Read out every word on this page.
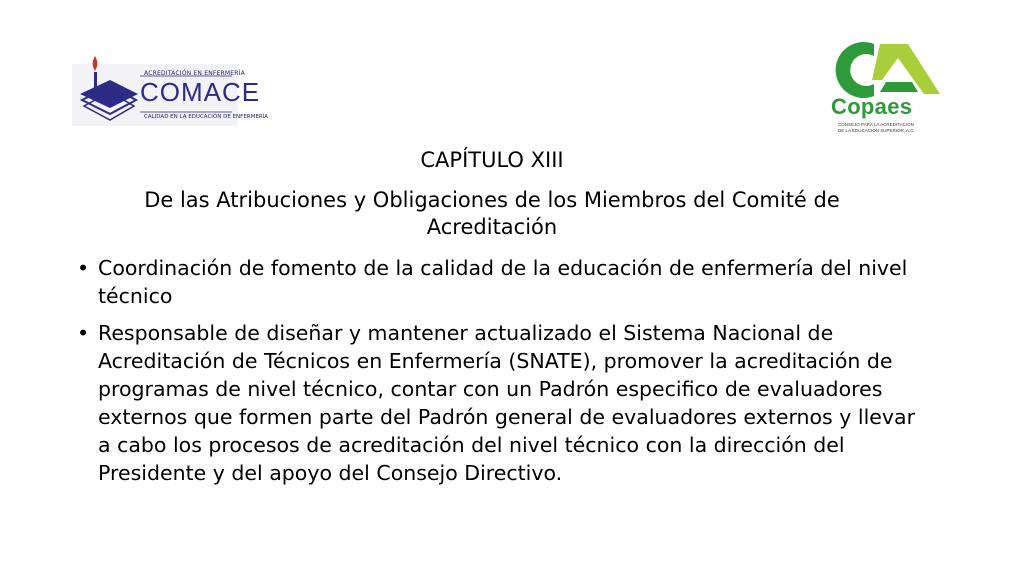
ACREDITACIÓN EN ENFERMERÍA
COMACE
CALIDAD EN LA EDUCACIÓN DE ENFERMERÍA	Copaes
CONSEJO PARA LA ACREDITACIÓN
DE LA EDUCACIÓN SUPERIOR, A.C.
CAPÍTULO XIII
De las Atribuciones y Obligaciones de los Miembros del Comité de Acreditación
• Coordinación de fomento de la calidad de la educación de enfermería del nivel técnico
• Responsable de diseñar y mantener actualizado el Sistema Nacional de Acreditación de Técnicos en Enfermería (SNATE), promover la acreditación de programas de nivel técnico, contar con un Padrón especifico de evaluadores externos que formen parte del Padrón general de evaluadores externos y llevar a cabo los procesos de acreditación del nivel técnico con la dirección del Presidente y del apoyo del Consejo Directivo.
